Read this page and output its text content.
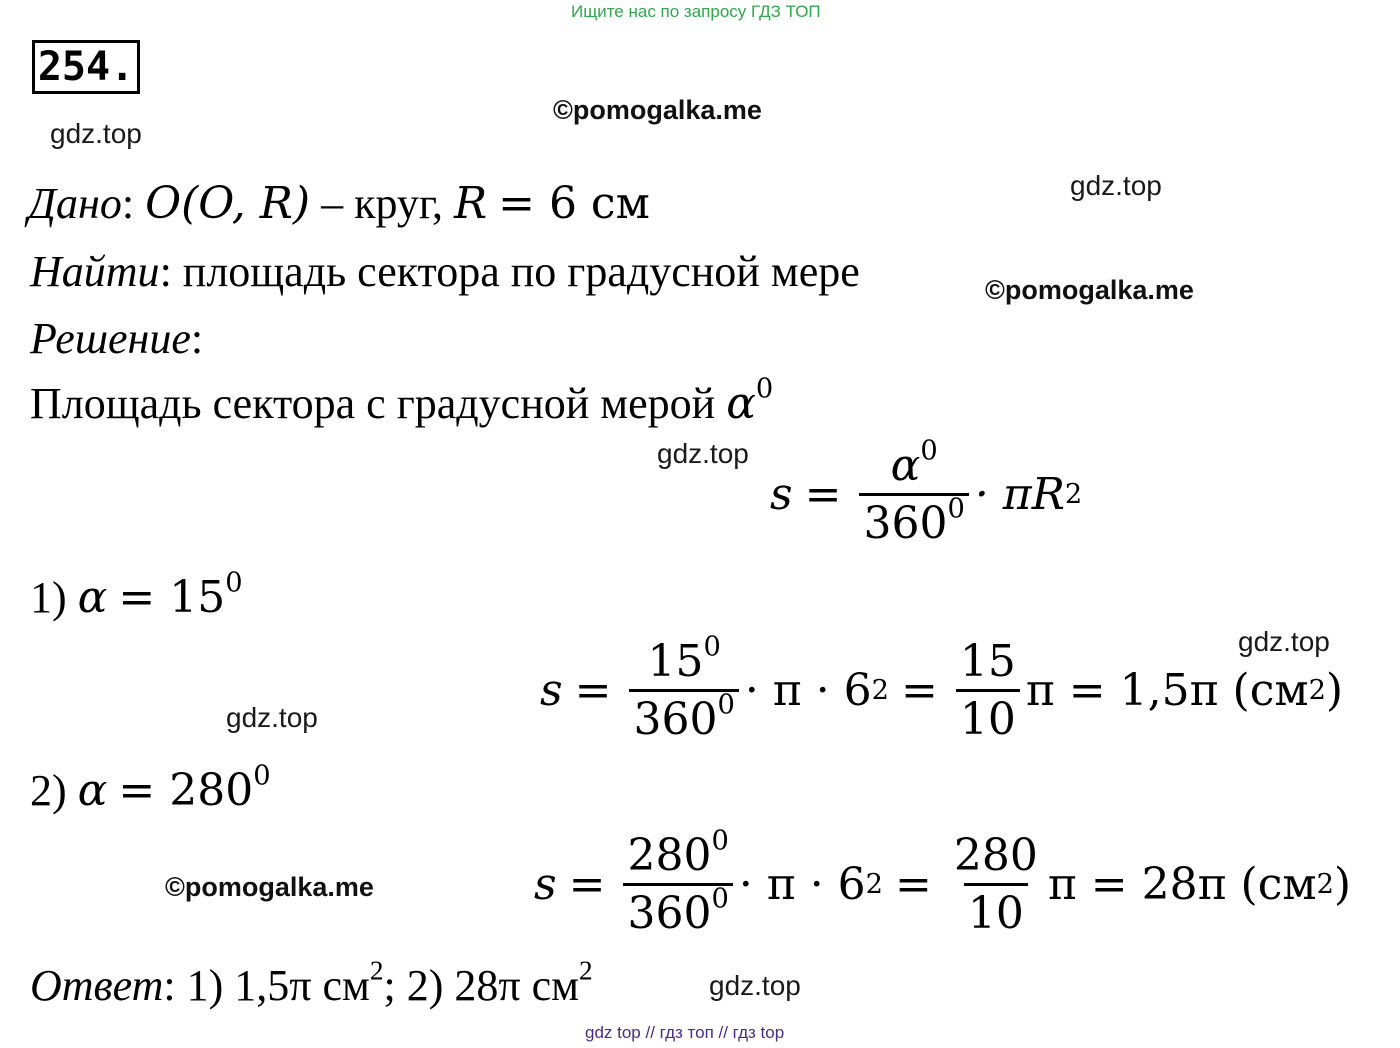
Ищите нас по запросу ГДЗ ТОП
254.
gdz.top
©pomogalka.me
gdz.top
©pomogalka.me
gdz.top
gdz.top
gdz.top
©pomogalka.me
gdz.top
Дано: O(O, R) – круг, R = 6 см
Найти: площадь сектора по градусной мере
Решение:
Площадь сектора с градусной мерой $\alpha^0$
$s = \frac{\alpha^0}{360^0} \cdot \pi R$ 2
1) $\alpha = 15^0$
$s = \frac{15^0}{360^0} \cdot \pi \cdot 6$ $2 = \frac{15}{10}$ π = 1,5π (см 2 )
2) $\alpha = 280^0$
$s = \frac{280^0}{360^0} \cdot \pi \cdot 6$ $2 = \frac{280}{10}$ π = 28π (см 2 )
Ответ: 1) 1,5π $см^2$; 2) 28π $см^2$
gdz top // гдз топ // гдз top
